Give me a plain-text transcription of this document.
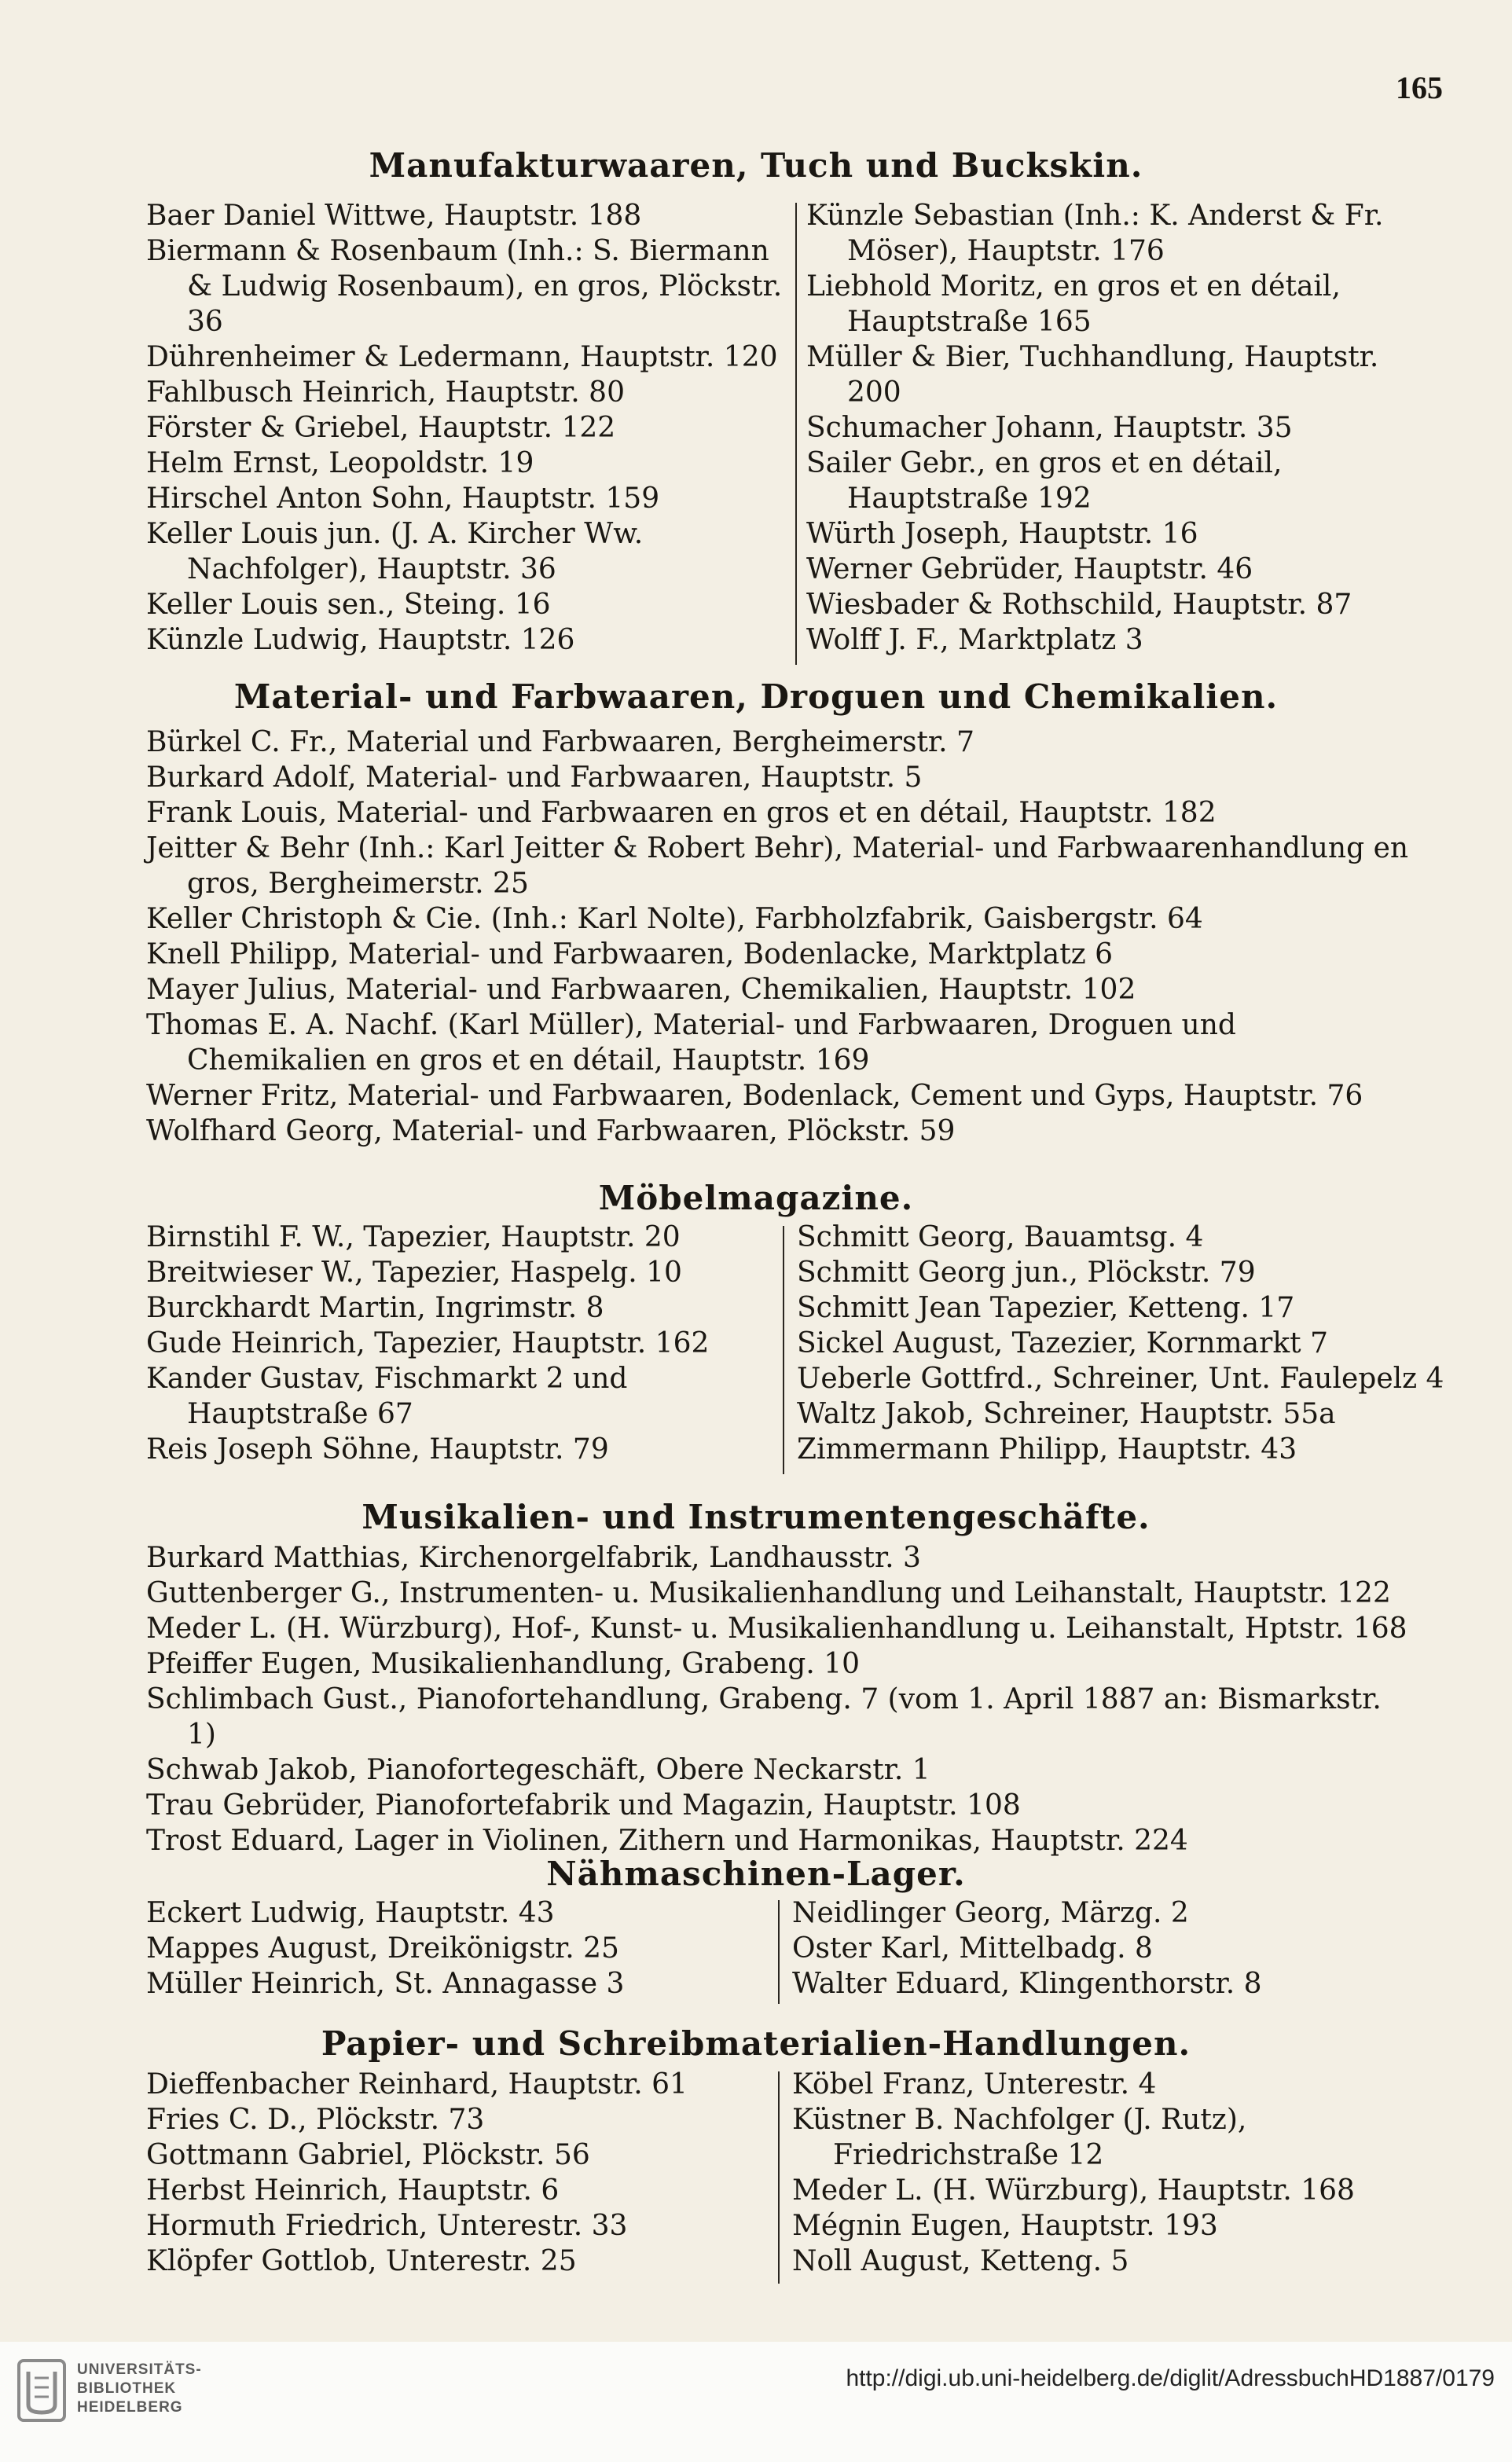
165
Manufakturwaaren, Tuch und Buckskin.

Baer Daniel Wittwe, Hauptstr. 188

Biermann & Rosenbaum (Inh.: S. Biermann & Ludwig Rosenbaum), en gros, Plöckstr. 36

Dührenheimer & Ledermann, Hauptstr. 120

Fahlbusch Heinrich, Hauptstr. 80

Förster & Griebel, Hauptstr. 122

Helm Ernst, Leopoldstr. 19

Hirschel Anton Sohn, Hauptstr. 159

Keller Louis jun. (J. A. Kircher Ww. Nachfolger), Hauptstr. 36

Keller Louis sen., Steing. 16

Künzle Ludwig, Hauptstr. 126

Künzle Sebastian (Inh.: K. Anderst & Fr. Möser), Hauptstr. 176

Liebhold Moritz, en gros et en détail, Hauptstraße 165

Müller & Bier, Tuchhandlung, Hauptstr. 200

Schumacher Johann, Hauptstr. 35

Sailer Gebr., en gros et en détail, Hauptstraße 192

Würth Joseph, Hauptstr. 16

Werner Gebrüder, Hauptstr. 46

Wiesbader & Rothschild, Hauptstr. 87

Wolff J. F., Marktplatz 3

Material- und Farbwaaren, Droguen und Chemikalien.

Bürkel C. Fr., Material und Farbwaaren, Bergheimerstr. 7

Burkard Adolf, Material- und Farbwaaren, Hauptstr. 5

Frank Louis, Material- und Farbwaaren en gros et en détail, Hauptstr. 182

Jeitter & Behr (Inh.: Karl Jeitter & Robert Behr), Material- und Farbwaarenhandlung en gros, Bergheimerstr. 25

Keller Christoph & Cie. (Inh.: Karl Nolte), Farbholzfabrik, Gaisbergstr. 64

Knell Philipp, Material- und Farbwaaren, Bodenlacke, Marktplatz 6

Mayer Julius, Material- und Farbwaaren, Chemikalien, Hauptstr. 102

Thomas E. A. Nachf. (Karl Müller), Material- und Farbwaaren, Droguen und Chemikalien en gros et en détail, Hauptstr. 169

Werner Fritz, Material- und Farbwaaren, Bodenlack, Cement und Gyps, Hauptstr. 76

Wolfhard Georg, Material- und Farbwaaren, Plöckstr. 59

Möbelmagazine.

Birnstihl F. W., Tapezier, Hauptstr. 20

Breitwieser W., Tapezier, Haspelg. 10

Burckhardt Martin, Ingrimstr. 8

Gude Heinrich, Tapezier, Hauptstr. 162

Kander Gustav, Fischmarkt 2 und Hauptstraße 67

Reis Joseph Söhne, Hauptstr. 79

Schmitt Georg, Bauamtsg. 4

Schmitt Georg jun., Plöckstr. 79

Schmitt Jean Tapezier, Ketteng. 17

Sickel August, Tazezier, Kornmarkt 7

Ueberle Gottfrd., Schreiner, Unt. Faulepelz 4

Waltz Jakob, Schreiner, Hauptstr. 55a

Zimmermann Philipp, Hauptstr. 43

Musikalien- und Instrumentengeschäfte.

Burkard Matthias, Kirchenorgelfabrik, Landhausstr. 3

Guttenberger G., Instrumenten- u. Musikalienhandlung und Leihanstalt, Hauptstr. 122

Meder L. (H. Würzburg), Hof-, Kunst- u. Musikalienhandlung u. Leihanstalt, Hptstr. 168

Pfeiffer Eugen, Musikalienhandlung, Grabeng. 10

Schlimbach Gust., Pianofortehandlung, Grabeng. 7 (vom 1. April 1887 an: Bismarkstr. 1)

Schwab Jakob, Pianofortegeschäft, Obere Neckarstr. 1

Trau Gebrüder, Pianofortefabrik und Magazin, Hauptstr. 108

Trost Eduard, Lager in Violinen, Zithern und Harmonikas, Hauptstr. 224

Nähmaschinen-Lager.

Eckert Ludwig, Hauptstr. 43

Mappes August, Dreikönigstr. 25

Müller Heinrich, St. Annagasse 3

Neidlinger Georg, Märzg. 2

Oster Karl, Mittelbadg. 8

Walter Eduard, Klingenthorstr. 8

Papier- und Schreibmaterialien-Handlungen.

Dieffenbacher Reinhard, Hauptstr. 61

Fries C. D., Plöckstr. 73

Gottmann Gabriel, Plöckstr. 56

Herbst Heinrich, Hauptstr. 6

Hormuth Friedrich, Unterestr. 33

Klöpfer Gottlob, Unterestr. 25

Köbel Franz, Unterestr. 4

Küstner B. Nachfolger (J. Rutz), Friedrichstraße 12

Meder L. (H. Würzburg), Hauptstr. 168

Mégnin Eugen, Hauptstr. 193

Noll August, Ketteng. 5

UNIVERSITÄTS-
BIBLIOTHEK
HEIDELBERG
http://digi.ub.uni-heidelberg.de/diglit/AdressbuchHD1887/0179
